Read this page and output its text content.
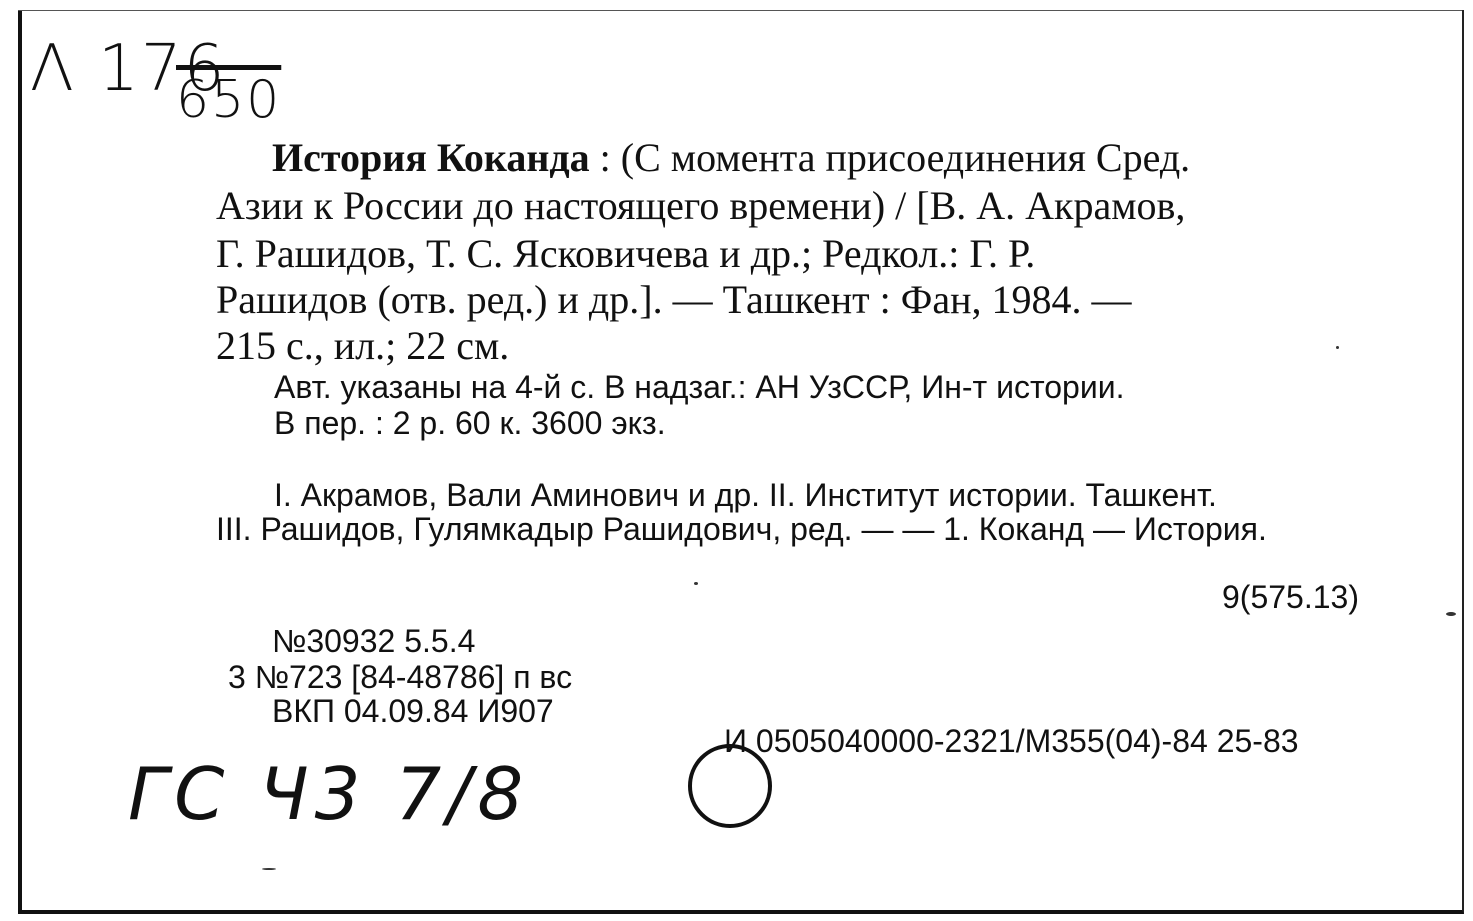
Λ 176
650
История Коканда : (С момента присоединения Сред.
Азии к России до настоящего времени) / [В. А. Акрамов,
Г. Рашидов, Т. С. Ясковичева и др.; Редкол.: Г. Р.
Рашидов (отв. ред.) и др.]. — Ташкент : Фан, 1984. —
215 с., ил.; 22 см.
Авт. указаны на 4-й с. В надзаг.: АН УзССР, Ин-т истории.
В пер. : 2 р. 60 к. 3600 экз.
I. Акрамов, Вали Аминович и др. II. Институт истории. Ташкент.
III. Рашидов, Гулямкадыр Рашидович, ред. — — 1. Коканд — История.
9(575.13)
№30932 5.5.4
3 №723 [84-48786] п вс
ВКП 04.09.84 И907
И 0505040000-2321/М355(04)-84 25-83
ГС Ч3 7/8
